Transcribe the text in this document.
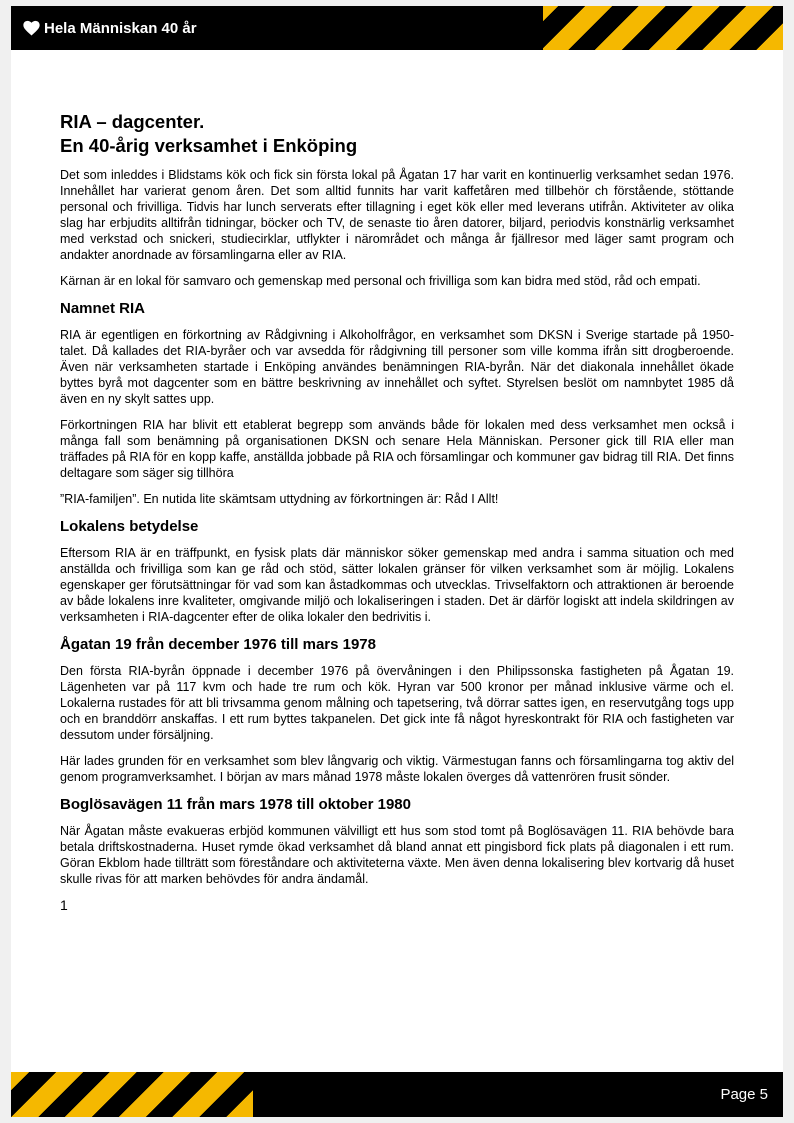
Hela Människan 40 år
RIA – dagcenter.
En 40-årig verksamhet i Enköping

Det som inleddes i Blidstams kök och fick sin första lokal på Ågatan 17 har varit en kontinuerlig verksamhet sedan 1976. Innehållet har varierat genom åren. Det som alltid funnits har varit kaffetåren med tillbehör ch förstående, stöttande personal och frivilliga. Tidvis har lunch serverats efter tillagning i eget kök eller med leverans utifrån. Aktiviteter av olika slag har erbjudits alltifrån tidningar, böcker och TV, de senaste tio åren datorer, biljard, periodvis konstnärlig verksamhet med verkstad och snickeri, studiecirklar, utflykter i närområdet och många år fjällresor med läger samt program och andakter anordnade av församlingarna eller av RIA.

Kärnan är en lokal för samvaro och gemenskap med personal och frivilliga som kan bidra med stöd, råd och empati.

Namnet RIA

RIA är egentligen en förkortning av Rådgivning i Alkoholfrågor, en verksamhet som DKSN i Sverige startade på 1950-talet. Då kallades det RIA-byråer och var avsedda för rådgivning till personer som ville komma ifrån sitt drogberoende. Även när verksamheten startade i Enköping användes benämningen RIA-byrån. När det diakonala innehållet ökade byttes byrå mot dagcenter som en bättre beskrivning av innehållet och syftet. Styrelsen beslöt om namnbytet 1985 då även en ny skylt sattes upp.

Förkortningen RIA har blivit ett etablerat begrepp som används både för lokalen med dess verksamhet men också i många fall som benämning på organisationen DKSN och senare Hela Människan. Personer gick till RIA eller man träffades på RIA för en kopp kaffe, anställda jobbade på RIA och församlingar och kommuner gav bidrag till RIA. Det finns deltagare som säger sig tillhöra

”RIA-familjen”. En nutida lite skämtsam uttydning av förkortningen är: Råd I Allt!

Lokalens betydelse

Eftersom RIA är en träffpunkt, en fysisk plats där människor söker gemenskap med andra i samma situation och med anställda och frivilliga som kan ge råd och stöd, sätter lokalen gränser för vilken verksamhet som är möjlig. Lokalens egenskaper ger förutsättningar för vad som kan åstadkommas och utvecklas. Trivselfaktorn och attraktionen är beroende av både lokalens inre kvaliteter, omgivande miljö och lokaliseringen i staden. Det är därför logiskt att indela skildringen av verksamheten i RIA-dagcenter efter de olika lokaler den bedrivitis i.

Ågatan 19 från december 1976 till mars 1978

Den första RIA-byrån öppnade i december 1976 på övervåningen i den Philipssonska fastigheten på Ågatan 19. Lägenheten var på 117 kvm och hade tre rum och kök. Hyran var 500 kronor per månad inklusive värme och el. Lokalerna rustades för att bli trivsamma genom målning och tapetsering, två dörrar sattes igen, en reservutgång togs upp och en branddörr anskaffas. I ett rum byttes takpanelen. Det gick inte få något hyreskontrakt för RIA och fastigheten var dessutom under försäljning.

Här lades grunden för en verksamhet som blev långvarig och viktig. Värmestugan fanns och församlingarna tog aktiv del genom programverksamhet. I början av mars månad 1978 måste lokalen överges då vattenrören frusit sönder.

Boglösavägen 11 från mars 1978 till oktober 1980

När Ågatan måste evakueras erbjöd kommunen välvilligt ett hus som stod tomt på Boglösavägen 11. RIA behövde bara betala driftskostnaderna. Huset rymde ökad verksamhet då bland annat ett pingisbord fick plats på diagonalen i ett rum. Göran Ekblom hade tillträtt som föreståndare och aktiviteterna växte. Men även denna lokalisering blev kortvarig då huset skulle rivas för att marken behövdes för andra ändamål.

1
Page 5
